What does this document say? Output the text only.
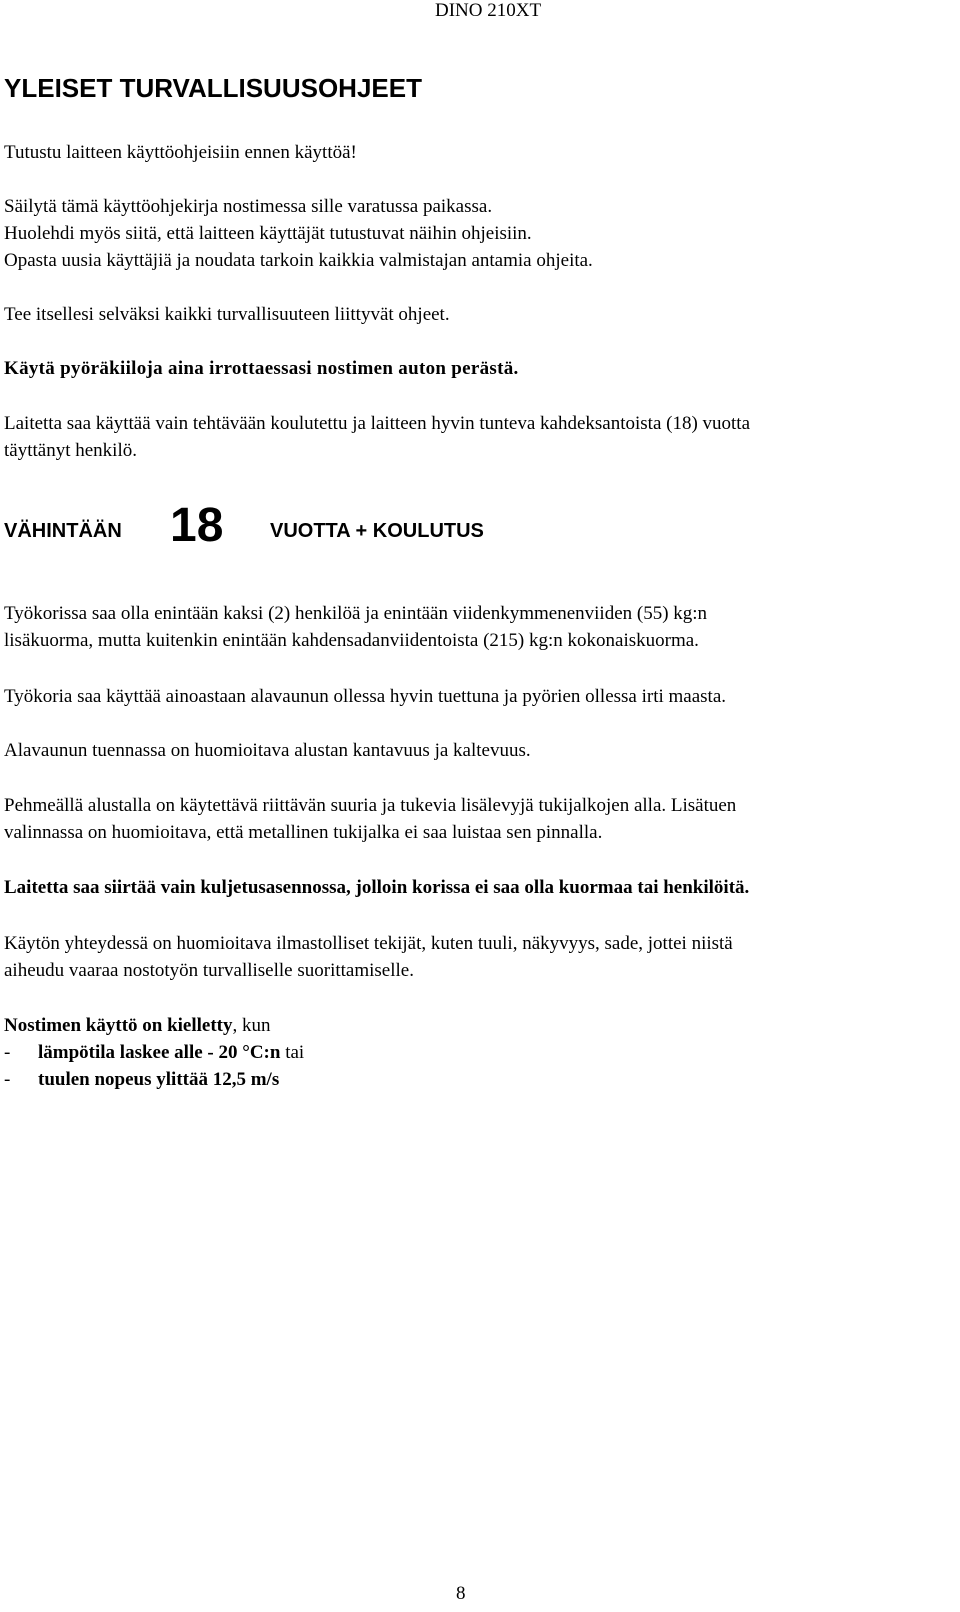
DINO 210XT
YLEISET TURVALLISUUSOHJEET

Tutustu laitteen käyttöohjeisiin ennen käyttöä!

Säilytä tämä käyttöohjekirja nostimessa sille varatussa paikassa.

Huolehdi myös siitä, että laitteen käyttäjät tutustuvat näihin ohjeisiin.

Opasta uusia käyttäjiä ja noudata tarkoin kaikkia valmistajan antamia ohjeita.

Tee itsellesi selväksi kaikki turvallisuuteen liittyvät ohjeet.

Käytä pyöräkiiloja aina irrottaessasi nostimen auton perästä.

Laitetta saa käyttää vain tehtävään koulutettu ja laitteen hyvin tunteva kahdeksantoista (18) vuotta

täyttänyt henkilö.

VÄHINTÄÄN 18 VUOTTA + KOULUTUS

Työkorissa saa olla enintään kaksi (2) henkilöä ja enintään viidenkymmenenviiden (55) kg:n

lisäkuorma, mutta kuitenkin enintään kahdensadanviidentoista (215) kg:n kokonaiskuorma.

Työkoria saa käyttää ainoastaan alavaunun ollessa hyvin tuettuna ja pyörien ollessa irti maasta.

Alavaunun tuennassa on huomioitava alustan kantavuus ja kaltevuus.

Pehmeällä alustalla on käytettävä riittävän suuria ja tukevia lisälevyjä tukijalkojen alla. Lisätuen

valinnassa on huomioitava, että metallinen tukijalka ei saa luistaa sen pinnalla.

Laitetta saa siirtää vain kuljetusasennossa, jolloin korissa ei saa olla kuormaa tai henkilöitä.

Käytön yhteydessä on huomioitava ilmastolliset tekijät, kuten tuuli, näkyvyys, sade, jottei niistä

aiheudu vaaraa nostotyön turvalliselle suorittamiselle.

Nostimen käyttö on kielletty, kun

- lämpötila laskee alle - 20 °C:n tai

- tuulen nopeus ylittää 12,5 m/s

8
